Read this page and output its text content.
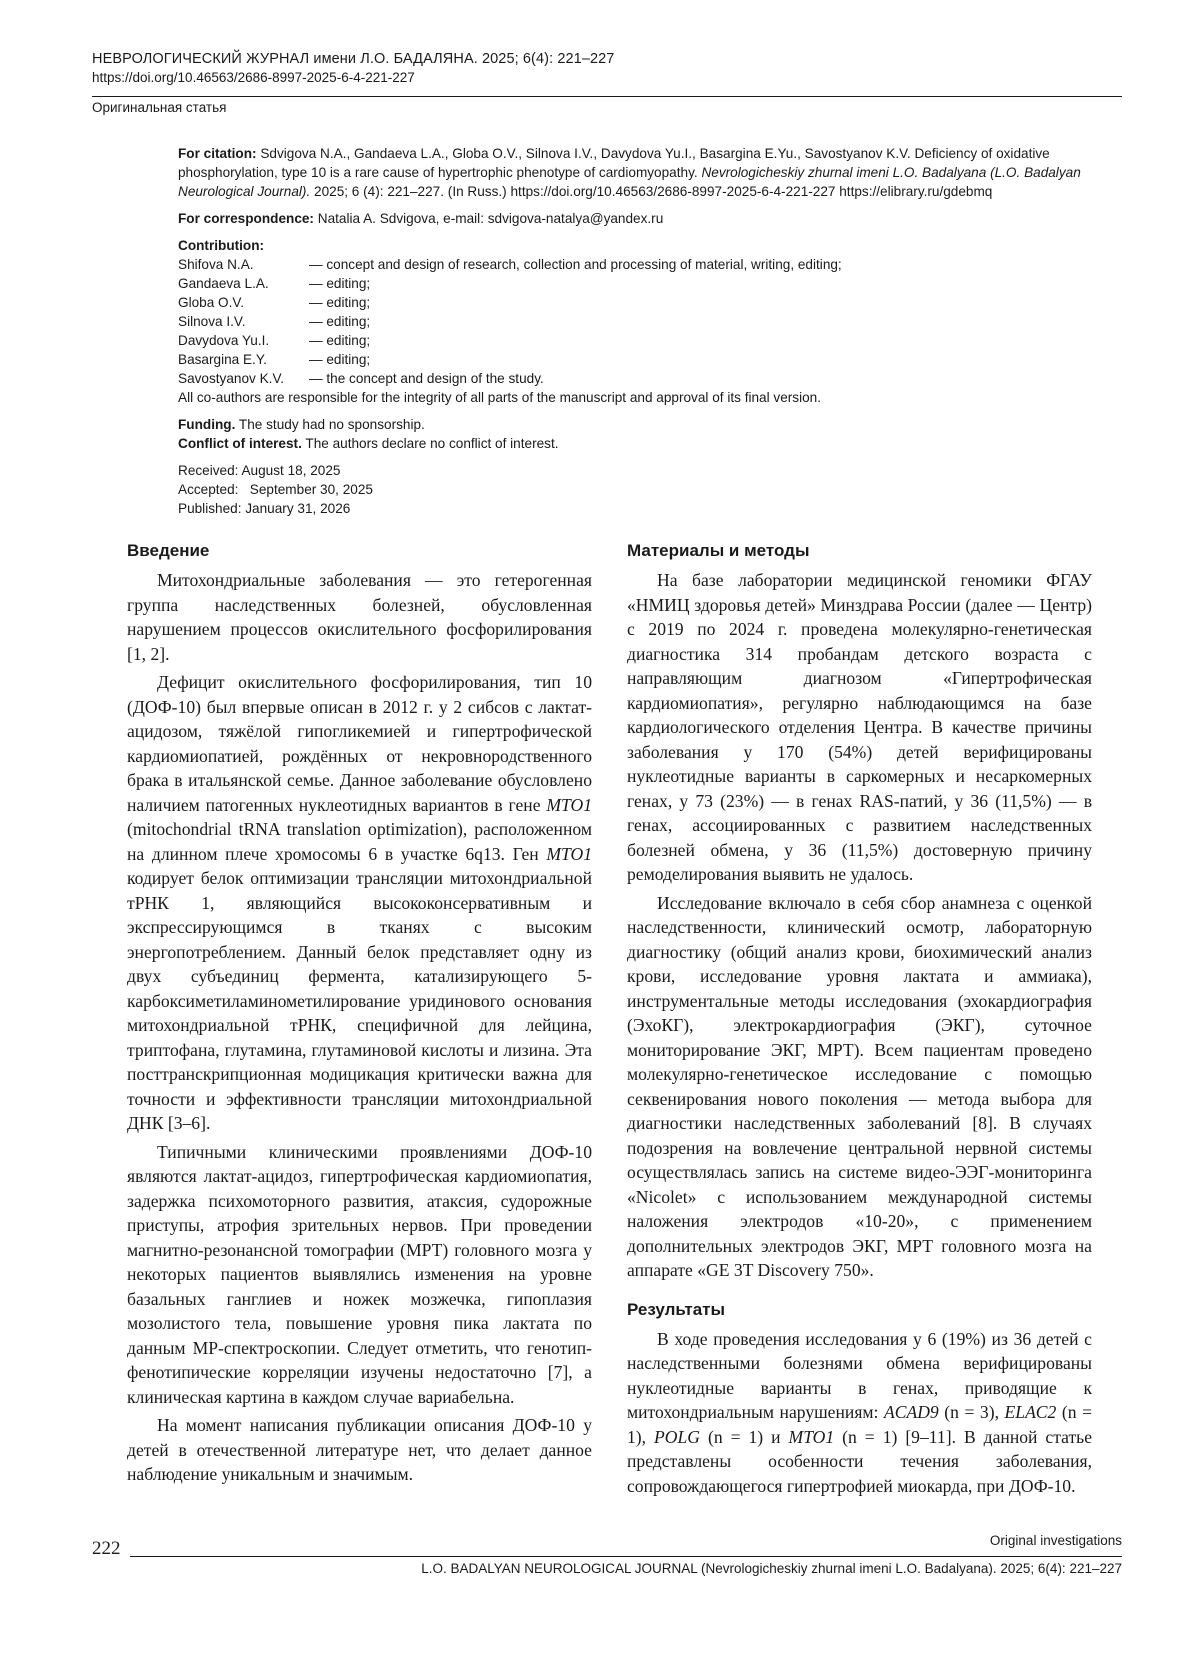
НЕВРОЛОГИЧЕСКИЙ ЖУРНАЛ имени Л.О. БАДАЛЯНА. 2025; 6(4): 221–227
https://doi.org/10.46563/2686-8997-2025-6-4-221-227
Оригинальная статья

For citation: Sdvigova N.A., Gandaeva L.A., Globa O.V., Silnova I.V., Davydova Yu.I., Basargina E.Yu., Savostyanov K.V. Deficiency of oxidative phosphorylation, type 10 is a rare cause of hypertrophic phenotype of cardiomyopathy. Nevrologicheskiy zhurnal imeni L.O. Badalyana (L.O. Badalyan Neurological Journal). 2025; 6 (4): 221–227. (In Russ.) https://doi.org/10.46563/2686-8997-2025-6-4-221-227 https://elibrary.ru/gdebmq

For correspondence: Natalia A. Sdvigova, e-mail: sdvigova-natalya@yandex.ru

Contribution:

Shifova N.A.	— concept and design of research, collection and processing of material, writing, editing;
Gandaeva L.A.	— editing;
Globa O.V.	— editing;
Silnova I.V.	— editing;
Davydova Yu.I.	— editing;
Basargina E.Y.	— editing;
Savostyanov K.V.	— the concept and design of the study.

All co-authors are responsible for the integrity of all parts of the manuscript and approval of its final version.

Funding. The study had no sponsorship.

Conflict of interest. The authors declare no conflict of interest.

Received: August 18, 2025

Accepted:   September 30, 2025

Published: January 31, 2026

Введение

Митохондриальные заболевания — это гетерогенная группа наследственных болезней, обусловленная нарушением процессов окислительного фосфорилирования [1, 2].

Дефицит окислительного фосфорилирования, тип 10 (ДОФ-10) был впервые описан в 2012 г. у 2 сибсов с лактат-ацидозом, тяжёлой гипогликемией и гипертрофической кардиомиопатией, рождённых от некровнородственного брака в итальянской семье. Данное заболевание обусловлено наличием патогенных нуклеотидных вариантов в гене MTO1 (mitochondrial tRNA translation optimization), расположенном на длинном плече хромосомы 6 в участке 6q13. Ген MTO1 кодирует белок оптимизации трансляции митохондриальной тРНК 1, являющийся высококонсервативным и экспрессирующимся в тканях с высоким энергопотреблением. Данный белок представляет одну из двух субъединиц фермента, катализирующего 5-карбоксиметиламинометилирование уридинового основания митохондриальной тРНК, специфичной для лейцина, триптофана, глутамина, глутаминовой кислоты и лизина. Эта посттранскрипционная модицикация критически важна для точности и эффективности трансляции митохондриальной ДНК [3–6].

Типичными клиническими проявлениями ДОФ-10 являются лактат-ацидоз, гипертрофическая кардиомиопатия, задержка психомоторного развития, атаксия, судорожные приступы, атрофия зрительных нервов. При проведении магнитно-резонансной томографии (МРТ) головного мозга у некоторых пациентов выявлялись изменения на уровне базальных ганглиев и ножек мозжечка, гипоплазия мозолистого тела, повышение уровня пика лактата по данным МР-спектроскопии. Следует отметить, что генотип-фенотипические корреляции изучены недостаточно [7], а клиническая картина в каждом случае вариабельна.

На момент написания публикации описания ДОФ-10 у детей в отечественной литературе нет, что делает данное наблюдение уникальным и значимым.

Материалы и методы

На базе лаборатории медицинской геномики ФГАУ «НМИЦ здоровья детей» Минздрава России (далее — Центр) с 2019 по 2024 г. проведена молекулярно-генетическая диагностика 314 пробандам детского возраста с направляющим диагнозом «Гипертрофическая кардиомиопатия», регулярно наблюдающимся на базе кардиологического отделения Центра. В качестве причины заболевания у 170 (54%) детей верифицированы нуклеотидные варианты в саркомерных и несаркомерных генах, у 73 (23%) — в генах RAS-патий, у 36 (11,5%) — в генах, ассоциированных с развитием наследственных болезней обмена, у 36 (11,5%) достоверную причину ремоделирования выявить не удалось.

Исследование включало в себя сбор анамнеза с оценкой наследственности, клинический осмотр, лабораторную диагностику (общий анализ крови, биохимический анализ крови, исследование уровня лактата и аммиака), инструментальные методы исследования (эхокардиография (ЭхоКГ), электрокардиография (ЭКГ), суточное мониторирование ЭКГ, МРТ). Всем пациентам проведено молекулярно-генетическое исследование с помощью секвенирования нового поколения — метода выбора для диагностики наследственных заболеваний [8]. В случаях подозрения на вовлечение центральной нервной системы осуществлялась запись на системе видео-ЭЭГ-мониторинга «Nicolet» с использованием международной системы наложения электродов «10-20», с применением дополнительных электродов ЭКГ, МРТ головного мозга на аппарате «GE 3T Discovery 750».

Результаты

В ходе проведения исследования у 6 (19%) из 36 детей с наследственными болезнями обмена верифицированы нуклеотидные варианты в генах, приводящие к митохондриальным нарушениям: ACAD9 (n = 3), ELAC2 (n = 1), POLG (n = 1) и MTO1 (n = 1) [9–11]. В данной статье представлены особенности течения заболевания, сопровождающегося гипертрофией миокарда, при ДОФ-10.

Original investigations
222
L.O. BADALYAN NEUROLOGICAL JOURNAL (Nevrologicheskiy zhurnal imeni L.O. Badalyana). 2025; 6(4): 221–227
